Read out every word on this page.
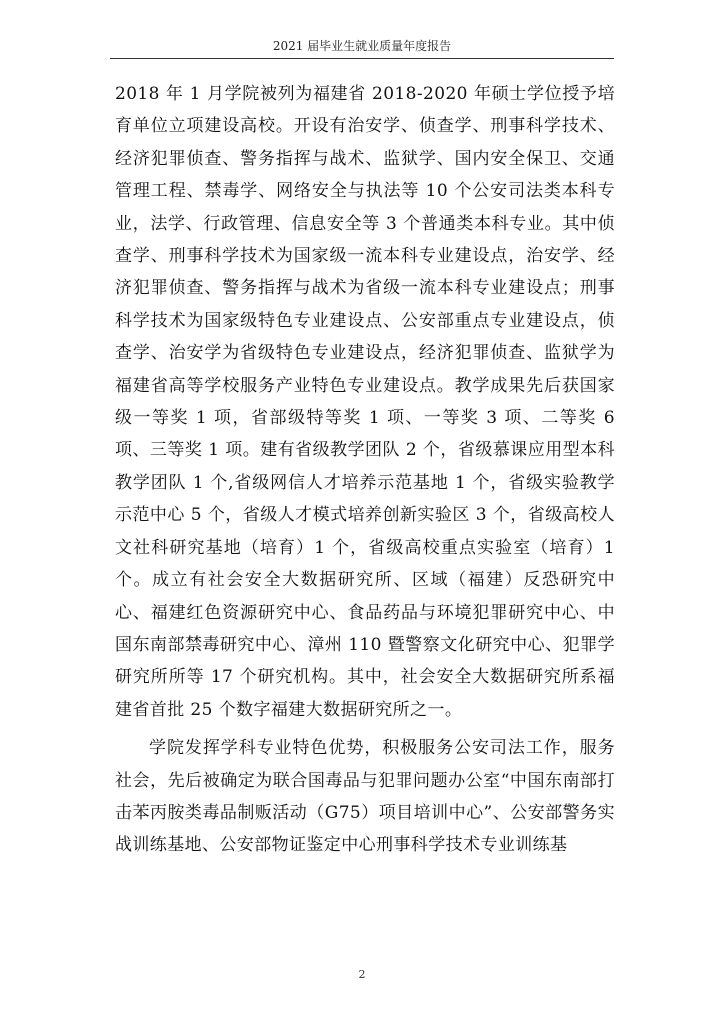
2021 届毕业生就业质量年度报告

2018 年 1 月学院被列为福建省 2018-2020 年硕士学位授予培育单位立项建设高校。开设有治安学、侦查学、刑事科学技术、经济犯罪侦查、警务指挥与战术、监狱学、国内安全保卫、交通管理工程、禁毒学、网络安全与执法等 10 个公安司法类本科专业，法学、行政管理、信息安全等 3 个普通类本科专业。其中侦查学、刑事科学技术为国家级一流本科专业建设点，治安学、经济犯罪侦查、警务指挥与战术为省级一流本科专业建设点；刑事科学技术为国家级特色专业建设点、公安部重点专业建设点，侦查学、治安学为省级特色专业建设点，经济犯罪侦查、监狱学为福建省高等学校服务产业特色专业建设点。教学成果先后获国家级一等奖 1 项，省部级特等奖 1 项、一等奖 3 项、二等奖 6 项、三等奖 1 项。建有省级教学团队 2 个，省级慕课应用型本科教学团队 1 个,省级网信人才培养示范基地 1 个，省级实验教学示范中心 5 个，省级人才模式培养创新实验区 3 个，省级高校人文社科研究基地（培育）1 个，省级高校重点实验室（培育）1 个。成立有社会安全大数据研究所、区域（福建）反恐研究中心、福建红色资源研究中心、食品药品与环境犯罪研究中心、中国东南部禁毒研究中心、漳州 110 暨警察文化研究中心、犯罪学研究所所等 17 个研究机构。其中，社会安全大数据研究所系福建省首批 25 个数字福建大数据研究所之一。

学院发挥学科专业特色优势，积极服务公安司法工作，服务社会，先后被确定为联合国毒品与犯罪问题办公室“中国东南部打击苯丙胺类毒品制贩活动（G75）项目培训中心”、公安部警务实战训练基地、公安部物证鉴定中心刑事科学技术专业训练基

2
